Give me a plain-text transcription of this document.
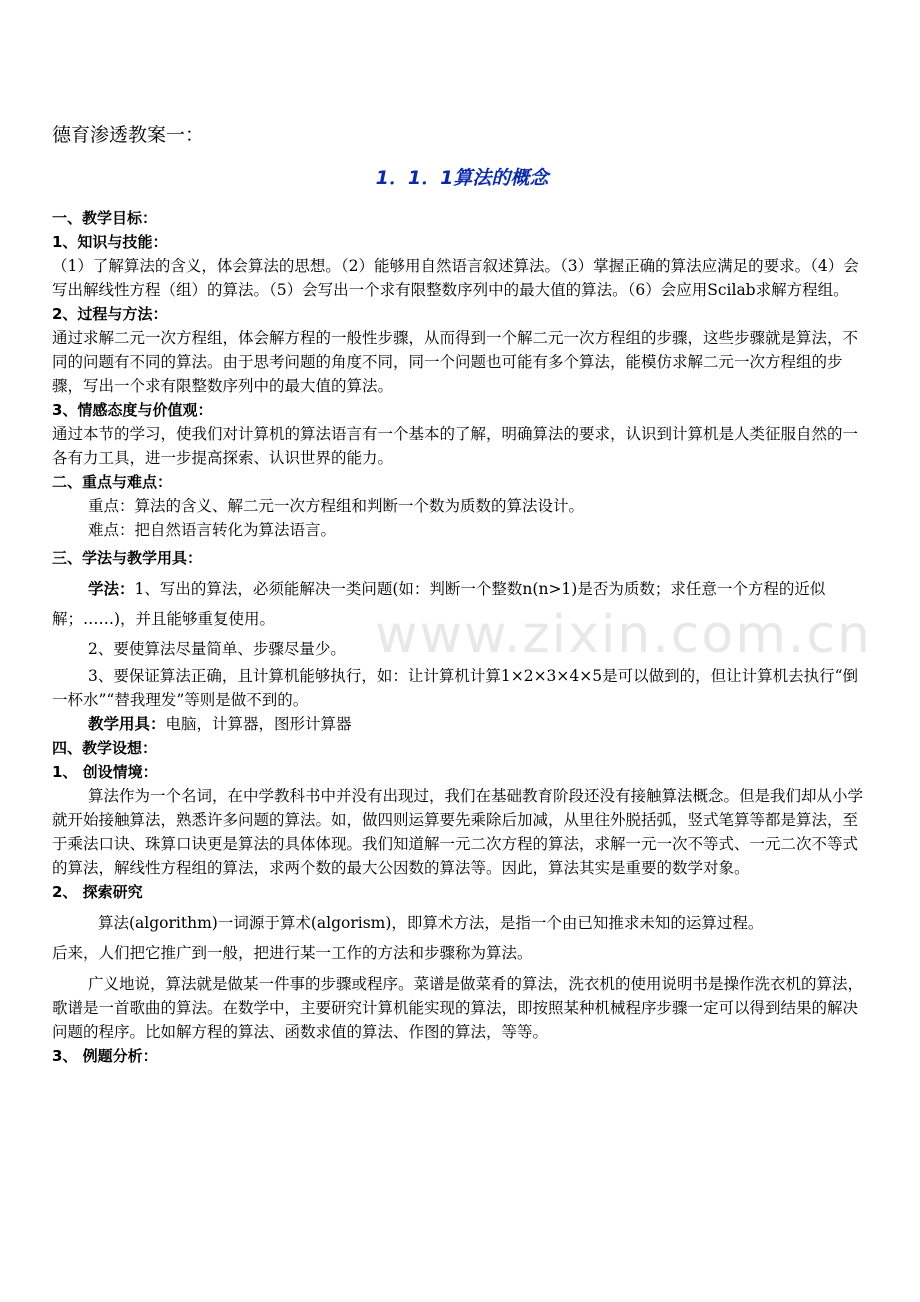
www.zixin.com.cn

德育渗透教案一：

1．1．1算法的概念

一、教学目标：

1、知识与技能：

（1）了解算法的含义，体会算法的思想。（2）能够用自然语言叙述算法。（3）掌握正确的算法应满足的要求。（4）会写出解线性方程（组）的算法。（5）会写出一个求有限整数序列中的最大值的算法。（6）会应用Scilab求解方程组。

2、过程与方法：

通过求解二元一次方程组，体会解方程的一般性步骤，从而得到一个解二元一次方程组的步骤，这些步骤就是算法，不同的问题有不同的算法。由于思考问题的角度不同，同一个问题也可能有多个算法，能模仿求解二元一次方程组的步骤，写出一个求有限整数序列中的最大值的算法。

3、情感态度与价值观：

通过本节的学习，使我们对计算机的算法语言有一个基本的了解，明确算法的要求，认识到计算机是人类征服自然的一各有力工具，进一步提高探索、认识世界的能力。

二、重点与难点：

重点：算法的含义、解二元一次方程组和判断一个数为质数的算法设计。

难点：把自然语言转化为算法语言。

三、学法与教学用具：

学法：1、写出的算法，必须能解决一类问题(如：判断一个整数n(n>1)是否为质数；求任意一个方程的近似解；……)，并且能够重复使用。

2、要使算法尽量简单、步骤尽量少。

3、要保证算法正确，且计算机能够执行，如：让计算机计算1×2×3×4×5是可以做到的，但让计算机去执行“倒一杯水”“替我理发”等则是做不到的。

教学用具：电脑，计算器，图形计算器

四、教学设想：

1、 创设情境：

算法作为一个名词，在中学教科书中并没有出现过，我们在基础教育阶段还没有接触算法概念。但是我们却从小学就开始接触算法，熟悉许多问题的算法。如，做四则运算要先乘除后加减，从里往外脱括弧，竖式笔算等都是算法，至于乘法口诀、珠算口诀更是算法的具体体现。我们知道解一元二次方程的算法，求解一元一次不等式、一元二次不等式的算法，解线性方程组的算法，求两个数的最大公因数的算法等。因此，算法其实是重要的数学对象。

2、 探索研究

算法(algorithm)一词源于算术(algorism)，即算术方法，是指一个由已知推求未知的运算过程。

后来，人们把它推广到一般，把进行某一工作的方法和步骤称为算法。

广义地说，算法就是做某一件事的步骤或程序。菜谱是做菜肴的算法，洗衣机的使用说明书是操作洗衣机的算法，歌谱是一首歌曲的算法。在数学中，主要研究计算机能实现的算法，即按照某种机械程序步骤一定可以得到结果的解决问题的程序。比如解方程的算法、函数求值的算法、作图的算法，等等。

3、 例题分析：
